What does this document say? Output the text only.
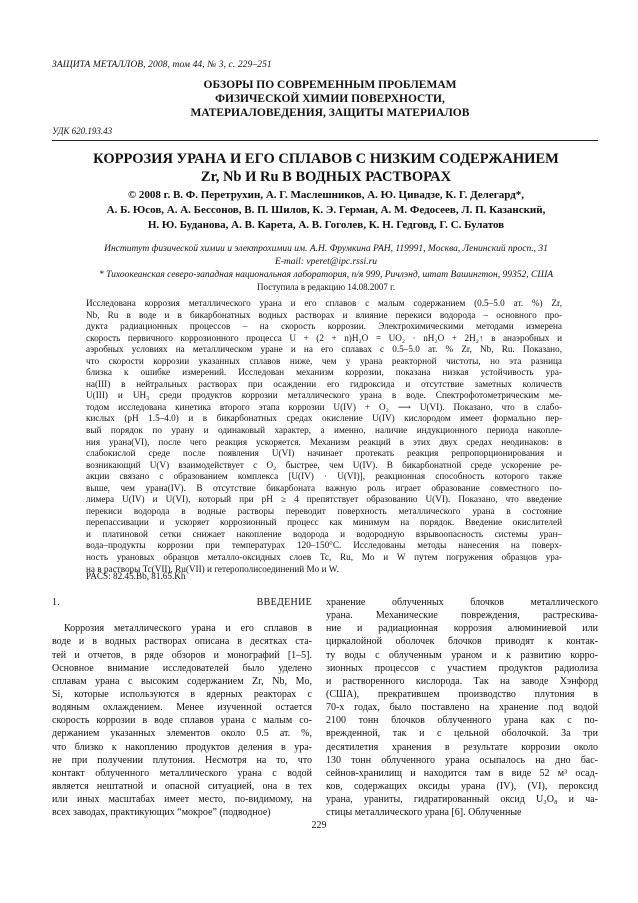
ЗАЩИТА МЕТАЛЛОВ, 2008, том 44, № 3, с. 229–251
ОБЗОРЫ ПО СОВРЕМЕННЫМ ПРОБЛЕМАМ
ФИЗИЧЕСКОЙ ХИМИИ ПОВЕРХНОСТИ,
МАТЕРИАЛОВЕДЕНИЯ, ЗАЩИТЫ МАТЕРИАЛОВ
УДК 620.193.43
КОРРОЗИЯ УРАНА И ЕГО СПЛАВОВ С НИЗКИМ СОДЕРЖАНИЕМ
Zr, Nb И Ru В ВОДНЫХ РАСТВОРАХ
© 2008 г. В. Ф. Перетрухин, А. Г. Маслешников, А. Ю. Цивадзе, К. Г. Делегард*,
А. Б. Юсов, А. А. Бессонов, В. П. Шилов, К. Э. Герман, А. М. Федосеев, Л. П. Казанский,
Н. Ю. Буданова, А. В. Карета, А. В. Гоголев, К. Н. Гедговд, Г. С. Булатов
Институт физической химии и электрохимии им. А.Н. Фрумкина РАН, 119991, Москва, Ленинский просп., 31
E-mail: vperet@ipc.rssi.ru
* Тихоокеанская северо-западная национальная лаборатория, п/я 999, Ричлэнд, штат Вашингтон, 99352, США
Поступила в редакцию 14.08.2007 г.
Исследована коррозия металлического урана и его сплавов с малым содержанием (0.5–5.0 ат. %) Zr,
Nb, Ru в воде и в бикарбонатных водных растворах и влияние перекиси водорода – основного про-
дукта радиационных процессов – на скорость коррозии. Электрохимическими методами измерена
скорость первичного коррозионного процесса U + (2 + n)H₂O = UO₂ · nH₂O + 2H₂↑ в анаэробных и
аэробных условиях на металлическом уране и на его сплавах с 0.5–5.0 ат. % Zr, Nb, Ru. Показано,
что скорости коррозии указанных сплавов ниже, чем у урана реакторной чистоты, но эта разница
близка к ошибке измерений. Исследован механизм коррозии, показана низкая устойчивость ура-
на(III) в нейтральных растворах при осаждении его гидроксида и отсутствие заметных количеств
U(III) и UH₃ среди продуктов коррозии металлического урана в воде. Спектрофотометрическим ме-
тодом исследована кинетика второго этапа коррозии U(IV) + O₂ ⟶ U(VI). Показано, что в слабо-
кислых (pH 1.5–4.0) и в бикарбонатных средах окисление U(IV) кислородом имеет формально пер-
вый порядок по урану и одинаковый характер, а именно, наличие индукционного периода накопле-
ния урана(VI), после чего реакция ускоряется. Механизм реакций в этих двух средах неодинаков: в
слабокислой среде после появления U(VI) начинает протекать реакция репропорционирования и
возникающий U(V) взаимодействует с O₂ быстрее, чем U(IV). В бикарбонатной среде ускорение ре-
акции связано с образованием комплекса [U(IV) · U(VI)], реакционная способность которого также
выше, чем урана(IV). В отсутствие бикарбоната важную роль играет образование совместного по-
лимера U(IV) и U(VI), который при pH ≥ 4 препятствует образованию U(VI). Показано, что введение
перекиси водорода в водные растворы переводит поверхность металлического урана в состояние
перепассивации и ускоряет коррозионный процесс как минимум на порядок. Введение окислителей
и платиновой сетки снижает накопление водорода и водородную взрывоопасность системы уран–
вода–продукты коррозии при температурах 120–150°C. Исследованы методы нанесения на поверх-
ность урановых образцов металло-оксидных слоев Tc, Ru, Mo и W путем погружения образцов ура-
на в растворы Tc(VII), Ru(VII) и гетерополисоединений Mo и W.
PACS: 82.45.Bb, 81.65.Kh
1. ВВЕДЕНИЕ
Коррозия металлического урана и его сплавов в
воде и в водных растворах описана в десятках ста-
тей и отчетов, в ряде обзоров и монографий [1–5].
Основное внимание исследователей было уделено
сплавам урана с высоким содержанием Zr, Nb, Mo,
Si, которые используются в ядерных реакторах с
водяным охлаждением. Менее изученной остается
скорость коррозии в воде сплавов урана с малым со-
держанием указанных элементов около 0.5 ат. %,
что близко к накоплению продуктов деления в ура-
не при получении плутония. Несмотря на то, что
контакт облученного металлического урана с водой
является нештатной и опасной ситуацией, она в тех
или иных масштабах имеет место, по-видимому, на
всех заводах, практикующих “мокрое” (подводное)
хранение облученных блочков металлического
урана. Механические повреждения, растрескива-
ние и радиационная коррозия алюминиевой или
циркалойной оболочек блочков приводят к контак-
ту воды с облученным ураном и к развитию корро-
зионных процессов с участием продуктов радиолиза
и растворенного кислорода. Так на заводе Хэнфорд
(США), прекратившем производство плутония в
70-х годах, было поставлено на хранение под водой
2100 тонн блочков облученного урана как с по-
врежденной, так и с цельной оболочкой. За три
десятилетия хранения в результате коррозии около
130 тонн облученного урана осыпалось на дно бас-
сейнов-хранилищ и находится там в виде 52 м³ осад-
ков, содержащих оксиды урана (IV), (VI), пероксид
урана, ураниты, гидратированный оксид U₃O₈ и ча-
стицы металлического урана [6]. Облученные
229
